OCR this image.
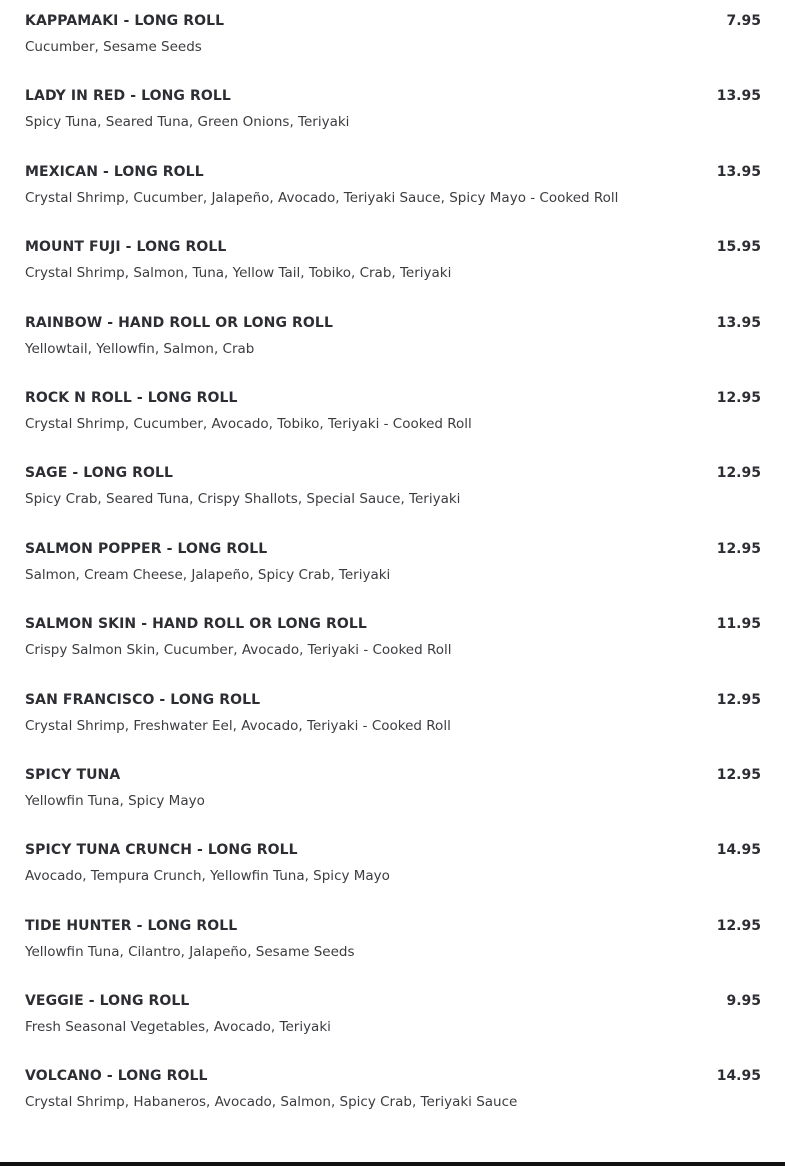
KAPPAMAKI - LONG ROLL	7.95
Cucumber, Sesame Seeds
LADY IN RED - LONG ROLL	13.95
Spicy Tuna, Seared Tuna, Green Onions, Teriyaki
MEXICAN - LONG ROLL	13.95
Crystal Shrimp, Cucumber, Jalapeño, Avocado, Teriyaki Sauce, Spicy Mayo - Cooked Roll
MOUNT FUJI - LONG ROLL	15.95
Crystal Shrimp, Salmon, Tuna, Yellow Tail, Tobiko, Crab, Teriyaki
RAINBOW - HAND ROLL OR LONG ROLL	13.95
Yellowtail, Yellowfin, Salmon, Crab
ROCK N ROLL - LONG ROLL	12.95
Crystal Shrimp, Cucumber, Avocado, Tobiko, Teriyaki - Cooked Roll
SAGE - LONG ROLL	12.95
Spicy Crab, Seared Tuna, Crispy Shallots, Special Sauce, Teriyaki
SALMON POPPER - LONG ROLL	12.95
Salmon, Cream Cheese, Jalapeño, Spicy Crab, Teriyaki
SALMON SKIN - HAND ROLL OR LONG ROLL	11.95
Crispy Salmon Skin, Cucumber, Avocado, Teriyaki - Cooked Roll
SAN FRANCISCO - LONG ROLL	12.95
Crystal Shrimp, Freshwater Eel, Avocado, Teriyaki - Cooked Roll
SPICY TUNA	12.95
Yellowfin Tuna, Spicy Mayo
SPICY TUNA CRUNCH - LONG ROLL	14.95
Avocado, Tempura Crunch, Yellowfin Tuna, Spicy Mayo
TIDE HUNTER - LONG ROLL	12.95
Yellowfin Tuna, Cilantro, Jalapeño, Sesame Seeds
VEGGIE - LONG ROLL	9.95
Fresh Seasonal Vegetables, Avocado, Teriyaki
VOLCANO - LONG ROLL	14.95
Crystal Shrimp, Habaneros, Avocado, Salmon, Spicy Crab, Teriyaki Sauce
